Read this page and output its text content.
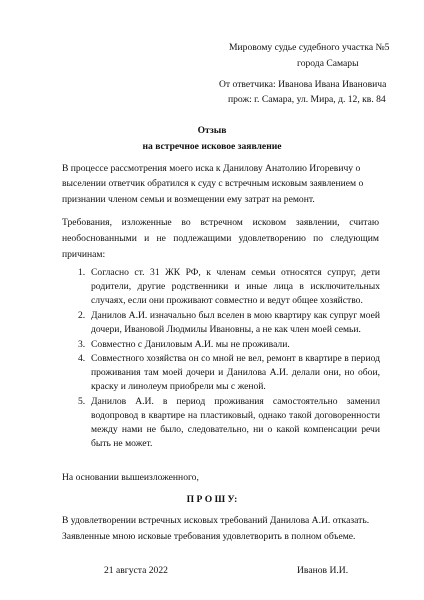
Мировому судье судебного участка №5
города Самары
От ответчика: Иванова Ивана Ивановича
прож: г. Самара, ул. Мира, д. 12, кв. 84
Отзыв
на встречное исковое заявление
В процессе рассмотрения моего иска к Данилову Анатолию Игоревичу о
выселении ответчик обратился к суду с встречным исковым заявлением о
признании членом семьи и возмещении ему затрат на ремонт.
Требования, изложенные во встречном исковом заявлении, считаю
необоснованными и не подлежащими удовлетворению по следующим
причинам:
1. Согласно ст. 31 ЖК РФ, к членам семьи относятся супруг, дети
родители, другие родственники и иные лица в исключительных
случаях, если они проживают совместно и ведут общее хозяйство.
2. Данилов А.И. изначально был вселен в мою квартиру как супруг моей
дочери, Ивановой Людмилы Ивановны, а не как член моей семьи.
3. Совместно с Даниловым А.И. мы не проживали.
4. Совместного хозяйства он со мной не вел, ремонт в квартире в период
проживания там моей дочери и Данилова А.И. делали они, но обои,
краску и линолеум приобрели мы с женой.
5. Данилов А.И. в период проживания самостоятельно заменил
водопровод в квартире на пластиковый, однако такой договоренности
между нами не было, следовательно, ни о какой компенсации речи
быть не может.
На основании вышеизложенного,
П Р О Ш У:
В удовлетворении встречных исковых требований Данилова А.И. отказать.
Заявленные мною исковые требования удовлетворить в полном объеме.
21 августа 2022	Иванов И.И.
